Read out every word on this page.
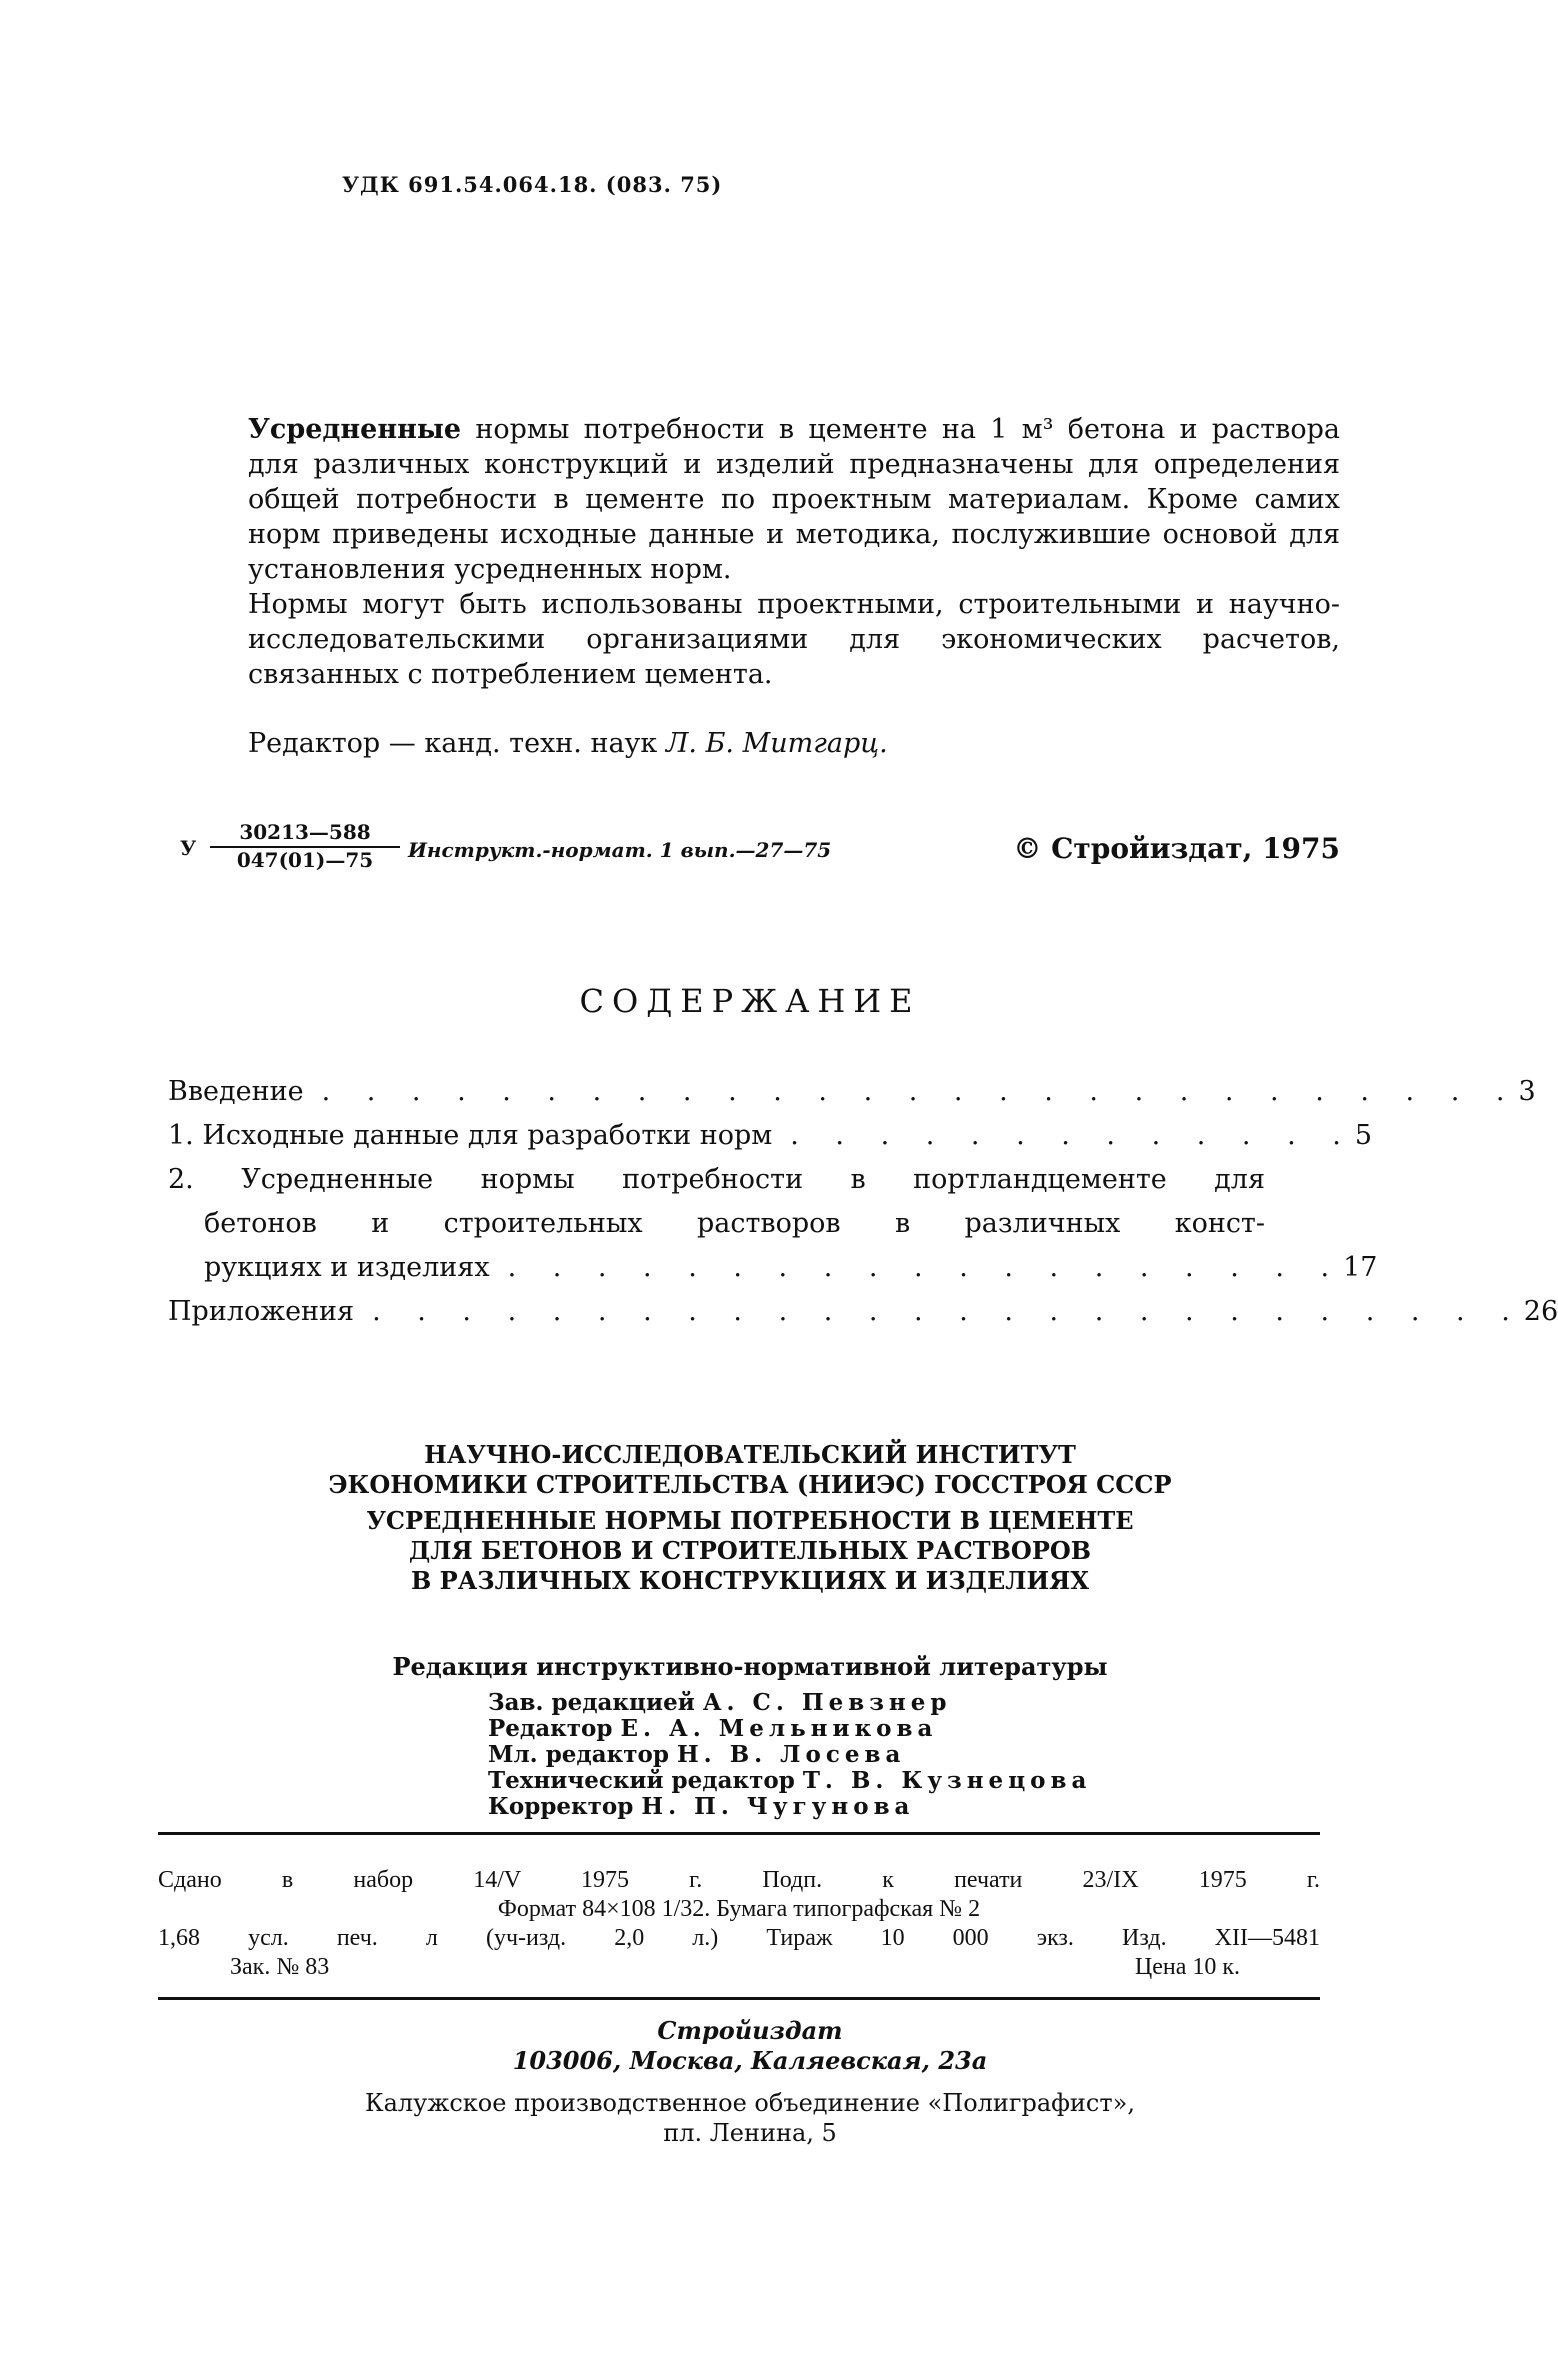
УДК 691.54.064.18. (083. 75)

Усредненные нормы потребности в цементе на 1 м³ бетона и раствора для различных конструкций и изделий предназначены для определения общей потребности в цементе по проектным материалам. Кроме самих норм приведены исходные данные и методика, послужившие основой для установления усредненных норм.

Нормы могут быть использованы проектными, строительными и научно-исследовательскими организациями для экономических расчетов, связанных с потреблением цемента.

Редактор — канд. техн. наук Л. Б. Митгарц.
У $\frac{30213—588}{047(01)—75}$ Инструкт.-нормат. 1 вып.—27—75	© Стройиздат, 1975
СОДЕРЖАНИЕ
Введение . . . . . . . . . . . . . . . . . . . . . . . . . . . 3
1. Исходные данные для разработки норм . . . . . . . . . . . . . 5
2. Усредненные нормы потребности в портландцементе для
бетонов и строительных растворов в различных конст-
рукциях и изделиях . . . . . . . . . . . . . . . . . . . 17
Приложения . . . . . . . . . . . . . . . . . . . . . . . . . . 26
НАУЧНО-ИССЛЕДОВАТЕЛЬСКИЙ ИНСТИТУТ
ЭКОНОМИКИ СТРОИТЕЛЬСТВА (НИИЭС) ГОССТРОЯ СССР
УСРЕДНЕННЫЕ НОРМЫ ПОТРЕБНОСТИ В ЦЕМЕНТЕ
ДЛЯ БЕТОНОВ И СТРОИТЕЛЬНЫХ РАСТВОРОВ
В РАЗЛИЧНЫХ КОНСТРУКЦИЯХ И ИЗДЕЛИЯХ
Редакция инструктивно-нормативной литературы
Зав. редакцией А. С. Певзнер
Редактор Е. А. Мельникова
Мл. редактор Н. В. Лосева
Технический редактор Т. В. Кузнецова
Корректор Н. П. Чугунова
Сдано в набор 14/V 1975 г. Подп. к печати 23/IX 1975 г.
Формат 84×108 1/32. Бумага типографская № 2
1,68 усл. печ. л (уч-изд. 2,0 л.) Тираж 10 000 экз. Изд. XII—5481
Зак. № 83	Цена 10 к.
Стройиздат
103006, Москва, Каляевская, 23а
Калужское производственное объединение «Полиграфист»,
пл. Ленина, 5
